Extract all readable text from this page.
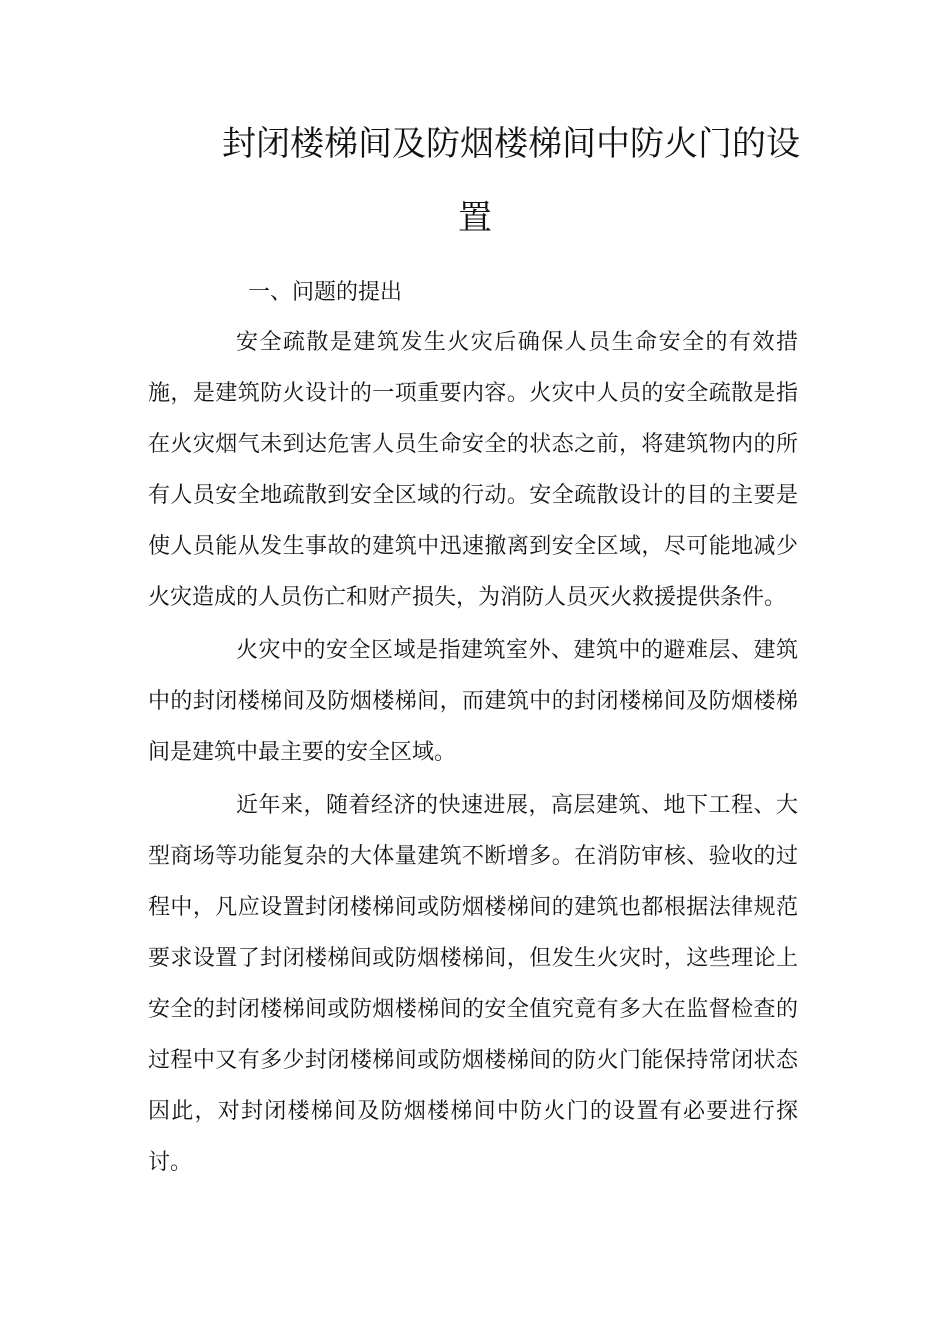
封闭楼梯间及防烟楼梯间中防火门的设
置
一、问题的提出

安全疏散是建筑发生火灾后确保人员生命安全的有效措施，是建筑防火设计的一项重要内容。火灾中人员的安全疏散是指在火灾烟气未到达危害人员生命安全的状态之前，将建筑物内的所有人员安全地疏散到安全区域的行动。安全疏散设计的目的主要是使人员能从发生事故的建筑中迅速撤离到安全区域，尽可能地减少火灾造成的人员伤亡和财产损失，为消防人员灭火救援提供条件。

火灾中的安全区域是指建筑室外、建筑中的避难层、建筑中的封闭楼梯间及防烟楼梯间，而建筑中的封闭楼梯间及防烟楼梯间是建筑中最主要的安全区域。

近年来，随着经济的快速进展，高层建筑、地下工程、大型商场等功能复杂的大体量建筑不断增多。在消防审核、验收的过程中，凡应设置封闭楼梯间或防烟楼梯间的建筑也都根据法律规范要求设置了封闭楼梯间或防烟楼梯间，但发生火灾时，这些理论上安全的封闭楼梯间或防烟楼梯间的安全值究竟有多大在监督检查的过程中又有多少封闭楼梯间或防烟楼梯间的防火门能保持常闭状态因此，对封闭楼梯间及防烟楼梯间中防火门的设置有必要进行探讨。
